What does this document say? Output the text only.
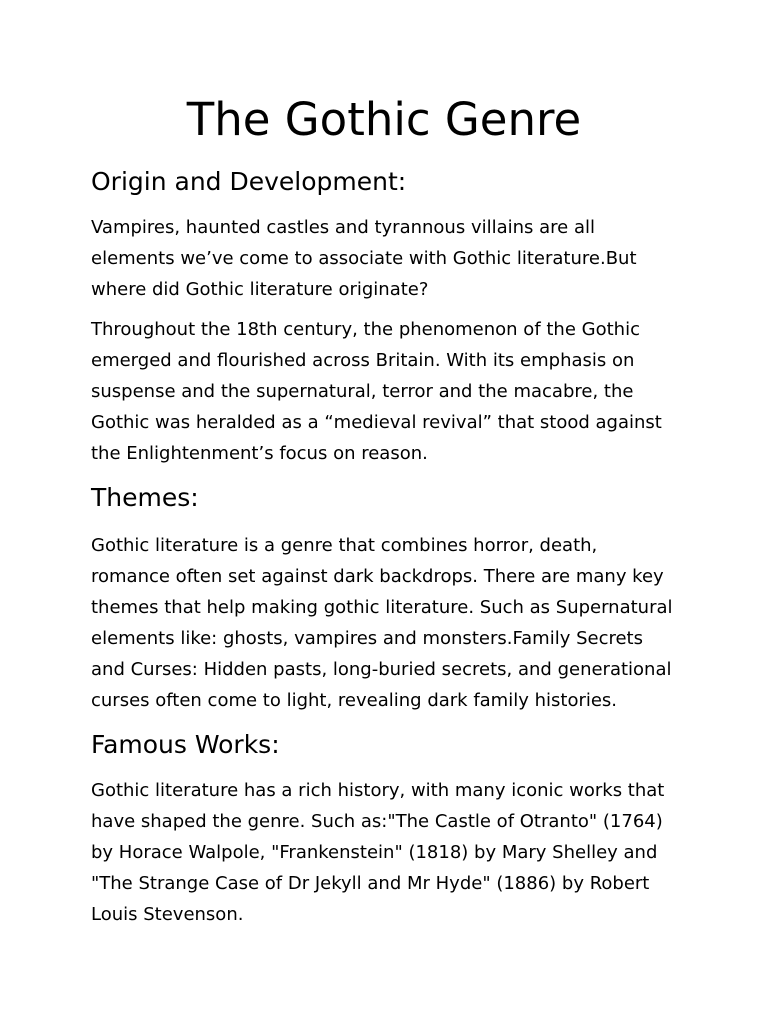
The Gothic Genre
Origin and Development:

Vampires, haunted castles and tyrannous villains are all
elements we’ve come to associate with Gothic literature.But
where did Gothic literature originate?

Throughout the 18th century, the phenomenon of the Gothic
emerged and flourished across Britain. With its emphasis on
suspense and the supernatural, terror and the macabre, the
Gothic was heralded as a “medieval revival” that stood against
the Enlightenment’s focus on reason.

Themes:

Gothic literature is a genre that combines horror, death,
romance often set against dark backdrops. There are many key
themes that help making gothic literature. Such as Supernatural
elements like: ghosts, vampires and monsters.Family Secrets
and Curses: Hidden pasts, long-buried secrets, and generational
curses often come to light, revealing dark family histories.

Famous Works:

Gothic literature has a rich history, with many iconic works that
have shaped the genre. Such as:"The Castle of Otranto" (1764)
by Horace Walpole, "Frankenstein" (1818) by Mary Shelley and
"The Strange Case of Dr Jekyll and Mr Hyde" (1886) by Robert
Louis Stevenson.
